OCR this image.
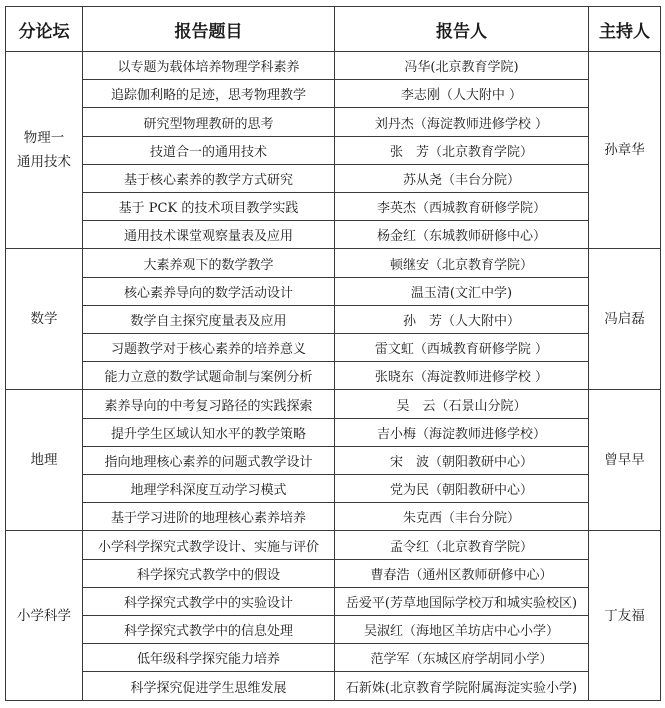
分论坛	报告题目	报告人	主持人

物理一
通用技术	以专题为载体培养物理学科素养	冯华(北京教育学院)	孙章华
	追踪伽利略的足迹，思考物理教学	李志刚（人大附中 ）	
	研究型物理教研的思考	刘丹杰（海淀教师进修学校 ）	
	技道合一的通用技术	张　芳（北京教育学院）	
	基于核心素养的教学方式研究	苏从尧（丰台分院）	
	基于 PCK 的技术项目教学实践	李英杰（西城教育研修学院）	
	通用技术课堂观察量表及应用	杨金红（东城教师研修中心）	

数学	大素养观下的数学教学	顿继安（北京教育学院）	冯启磊
	核心素养导向的数学活动设计	温玉清(文汇中学)	
	数学自主探究度量表及应用	孙　芳（人大附中）	
	习题教学对于核心素养的培养意义	雷文虹（西城教育研修学院 ）	
	能力立意的数学试题命制与案例分析	张晓东（海淀教师进修学校 ）	

地理	素养导向的中考复习路径的实践探索	吴　云（石景山分院）	曾早早
	提升学生区域认知水平的教学策略	吉小梅（海淀教师进修学校）	
	指向地理核心素养的问题式教学设计	宋　波（朝阳教研中心）	
	地理学科深度互动学习模式	党为民（朝阳教研中心）	
	基于学习进阶的地理核心素养培养	朱克西（丰台分院）	

小学科学	小学科学探究式教学设计、实施与评价	孟令红（北京教育学院）	丁友福
	科学探究式教学中的假设	曹春浩（通州区教师研修中心）	
	科学探究式教学中的实验设计	岳爱平(芳草地国际学校万和城实验校区)	
	科学探究式教学中的信息处理	吴淑红（海地区羊坊店中心小学）	
	低年级科学探究能力培养	范学军（东城区府学胡同小学）	
	科学探究促进学生思维发展	石新姝(北京教育学院附属海淀实验小学)	
